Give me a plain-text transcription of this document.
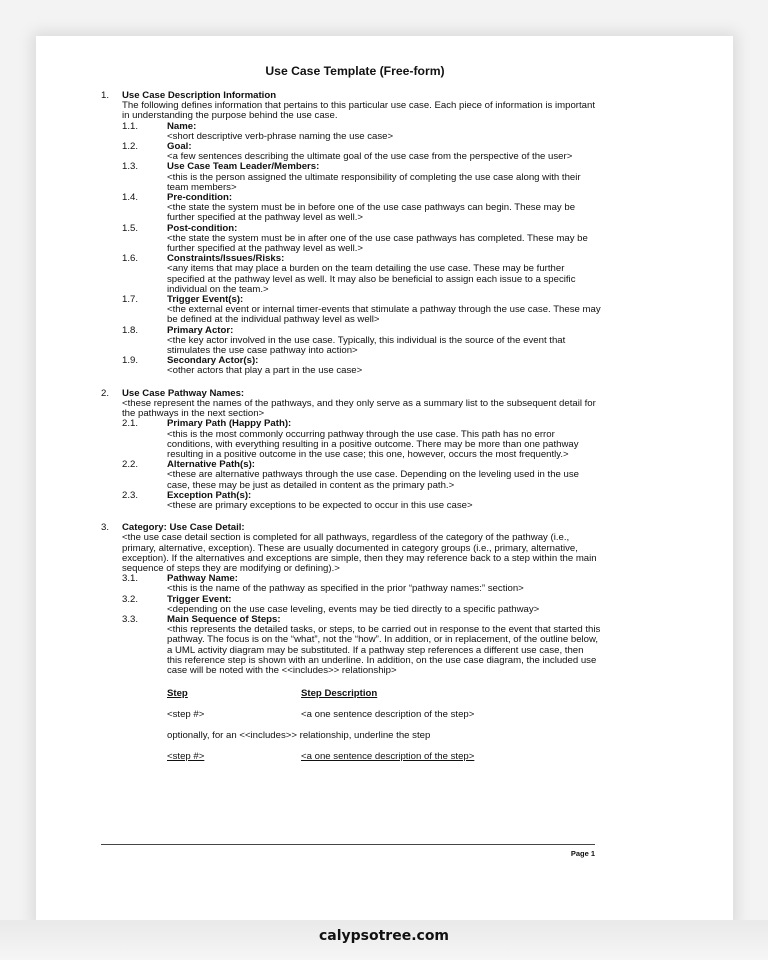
Use Case Template (Free-form)
1.	Use Case Description Information
The following defines information that pertains to this particular use case. Each piece of information is important in understanding the purpose behind the use case.
1.1.	Name:
<short descriptive verb-phrase naming the use case>
1.2.	Goal:
<a few sentences describing the ultimate goal of the use case from the perspective of the user>
1.3.	Use Case Team Leader/Members:
<this is the person assigned the ultimate responsibility of completing the use case along with their team members>
1.4.	Pre-condition:
<the state the system must be in before one of the use case pathways can begin. These may be further specified at the pathway level as well.>
1.5.	Post-condition:
<the state the system must be in after one of the use case pathways has completed. These may be further specified at the pathway level as well.>
1.6.	Constraints/Issues/Risks:
<any items that may place a burden on the team detailing the use case. These may be further specified at the pathway level as well. It may also be beneficial to assign each issue to a specific individual on the team.>
1.7.	Trigger Event(s):
<the external event or internal timer-events that stimulate a pathway through the use case. These may be defined at the individual pathway level as well>
1.8.	Primary Actor:
<the key actor involved in the use case. Typically, this individual is the source of the event that stimulates the use case pathway into action>
1.9.	Secondary Actor(s):
<other actors that play a part in the use case>
2.	Use Case Pathway Names:
<these represent the names of the pathways, and they only serve as a summary list to the subsequent detail for the pathways in the next section>
2.1.	Primary Path (Happy Path):
<this is the most commonly occurring pathway through the use case. This path has no error conditions, with everything resulting in a positive outcome. There may be more than one pathway resulting in a positive outcome in the use case; this one, however, occurs the most frequently.>
2.2.	Alternative Path(s):
<these are alternative pathways through the use case. Depending on the leveling used in the use case, these may be just as detailed in content as the primary path.>
2.3.	Exception Path(s):
<these are primary exceptions to be expected to occur in this use case>
3.	Category: Use Case Detail:
<the use case detail section is completed for all pathways, regardless of the category of the pathway (i.e., primary, alternative, exception). These are usually documented in category groups (i.e., primary, alternative, exception). If the alternatives and exceptions are simple, then they may reference back to a step within the main sequence of steps they are modifying or defining).>
3.1.	Pathway Name:
<this is the name of the pathway as specified in the prior “pathway names:” section>
3.2.	Trigger Event:
<depending on the use case leveling, events may be tied directly to a specific pathway>
3.3.	Main Sequence of Steps:
<this represents the detailed tasks, or steps, to be carried out in response to the event that started this pathway. The focus is on the “what”, not the “how”. In addition, or in replacement, of the outline below, a UML activity diagram may be substituted. If a pathway step references a different use case, then this reference step is shown with an underline. In addition, on the use case diagram, the included use case will be noted with the <<includes>> relationship>
Step	Step Description
<step #>	<a one sentence description of the step>
optionally, for an <<includes>> relationship, underline the step
<step #>	<a one sentence description of the step>
Page 1
calypsotree.com
